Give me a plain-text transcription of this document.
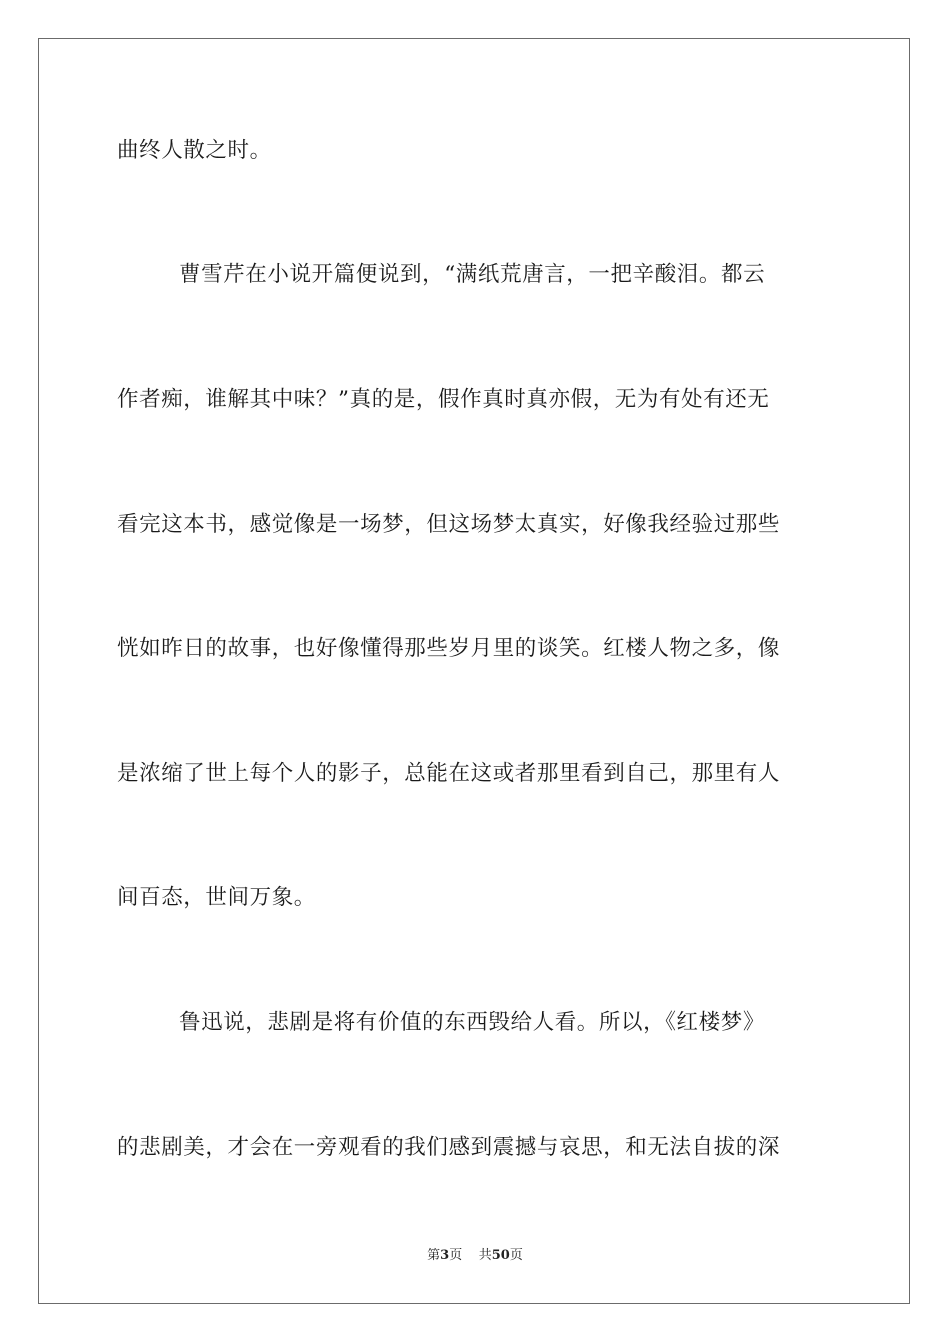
曲终人散之时。
曹雪芹在小说开篇便说到，“满纸荒唐言，一把辛酸泪。都云
作者痴，谁解其中味？”真的是，假作真时真亦假，无为有处有还无
看完这本书，感觉像是一场梦，但这场梦太真实，好像我经验过那些
恍如昨日的故事，也好像懂得那些岁月里的谈笑。红楼人物之多，像
是浓缩了世上每个人的影子，总能在这或者那里看到自己，那里有人
间百态，世间万象。
鲁迅说，悲剧是将有价值的东西毁给人看。所以，《红楼梦》
的悲剧美，才会在一旁观看的我们感到震撼与哀思，和无法自拔的深
第3页 共50页
